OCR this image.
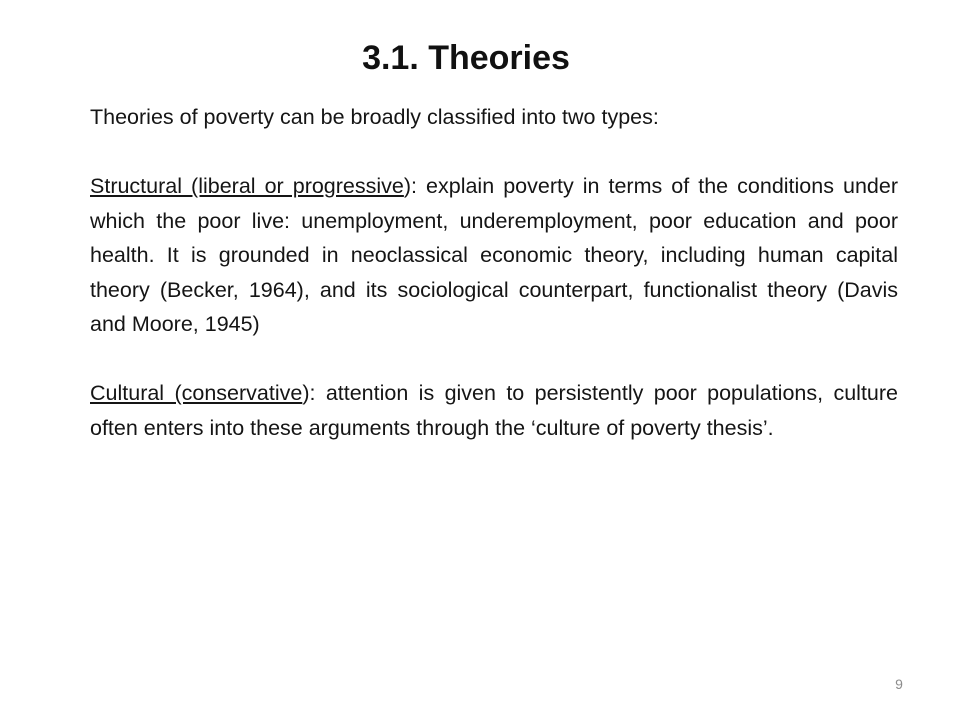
3.1. Theories

Theories of poverty can be broadly classified into two types:

Structural (liberal or progressive): explain poverty in terms of the conditions under which the poor live: unemployment, underemployment, poor education and poor health. It is grounded in neoclassical economic theory, including human capital theory (Becker, 1964), and its sociological counterpart, functionalist theory (Davis and Moore, 1945)

Cultural (conservative): attention is given to persistently poor populations, culture often enters into these arguments through the ‘culture of poverty thesis’.

9
